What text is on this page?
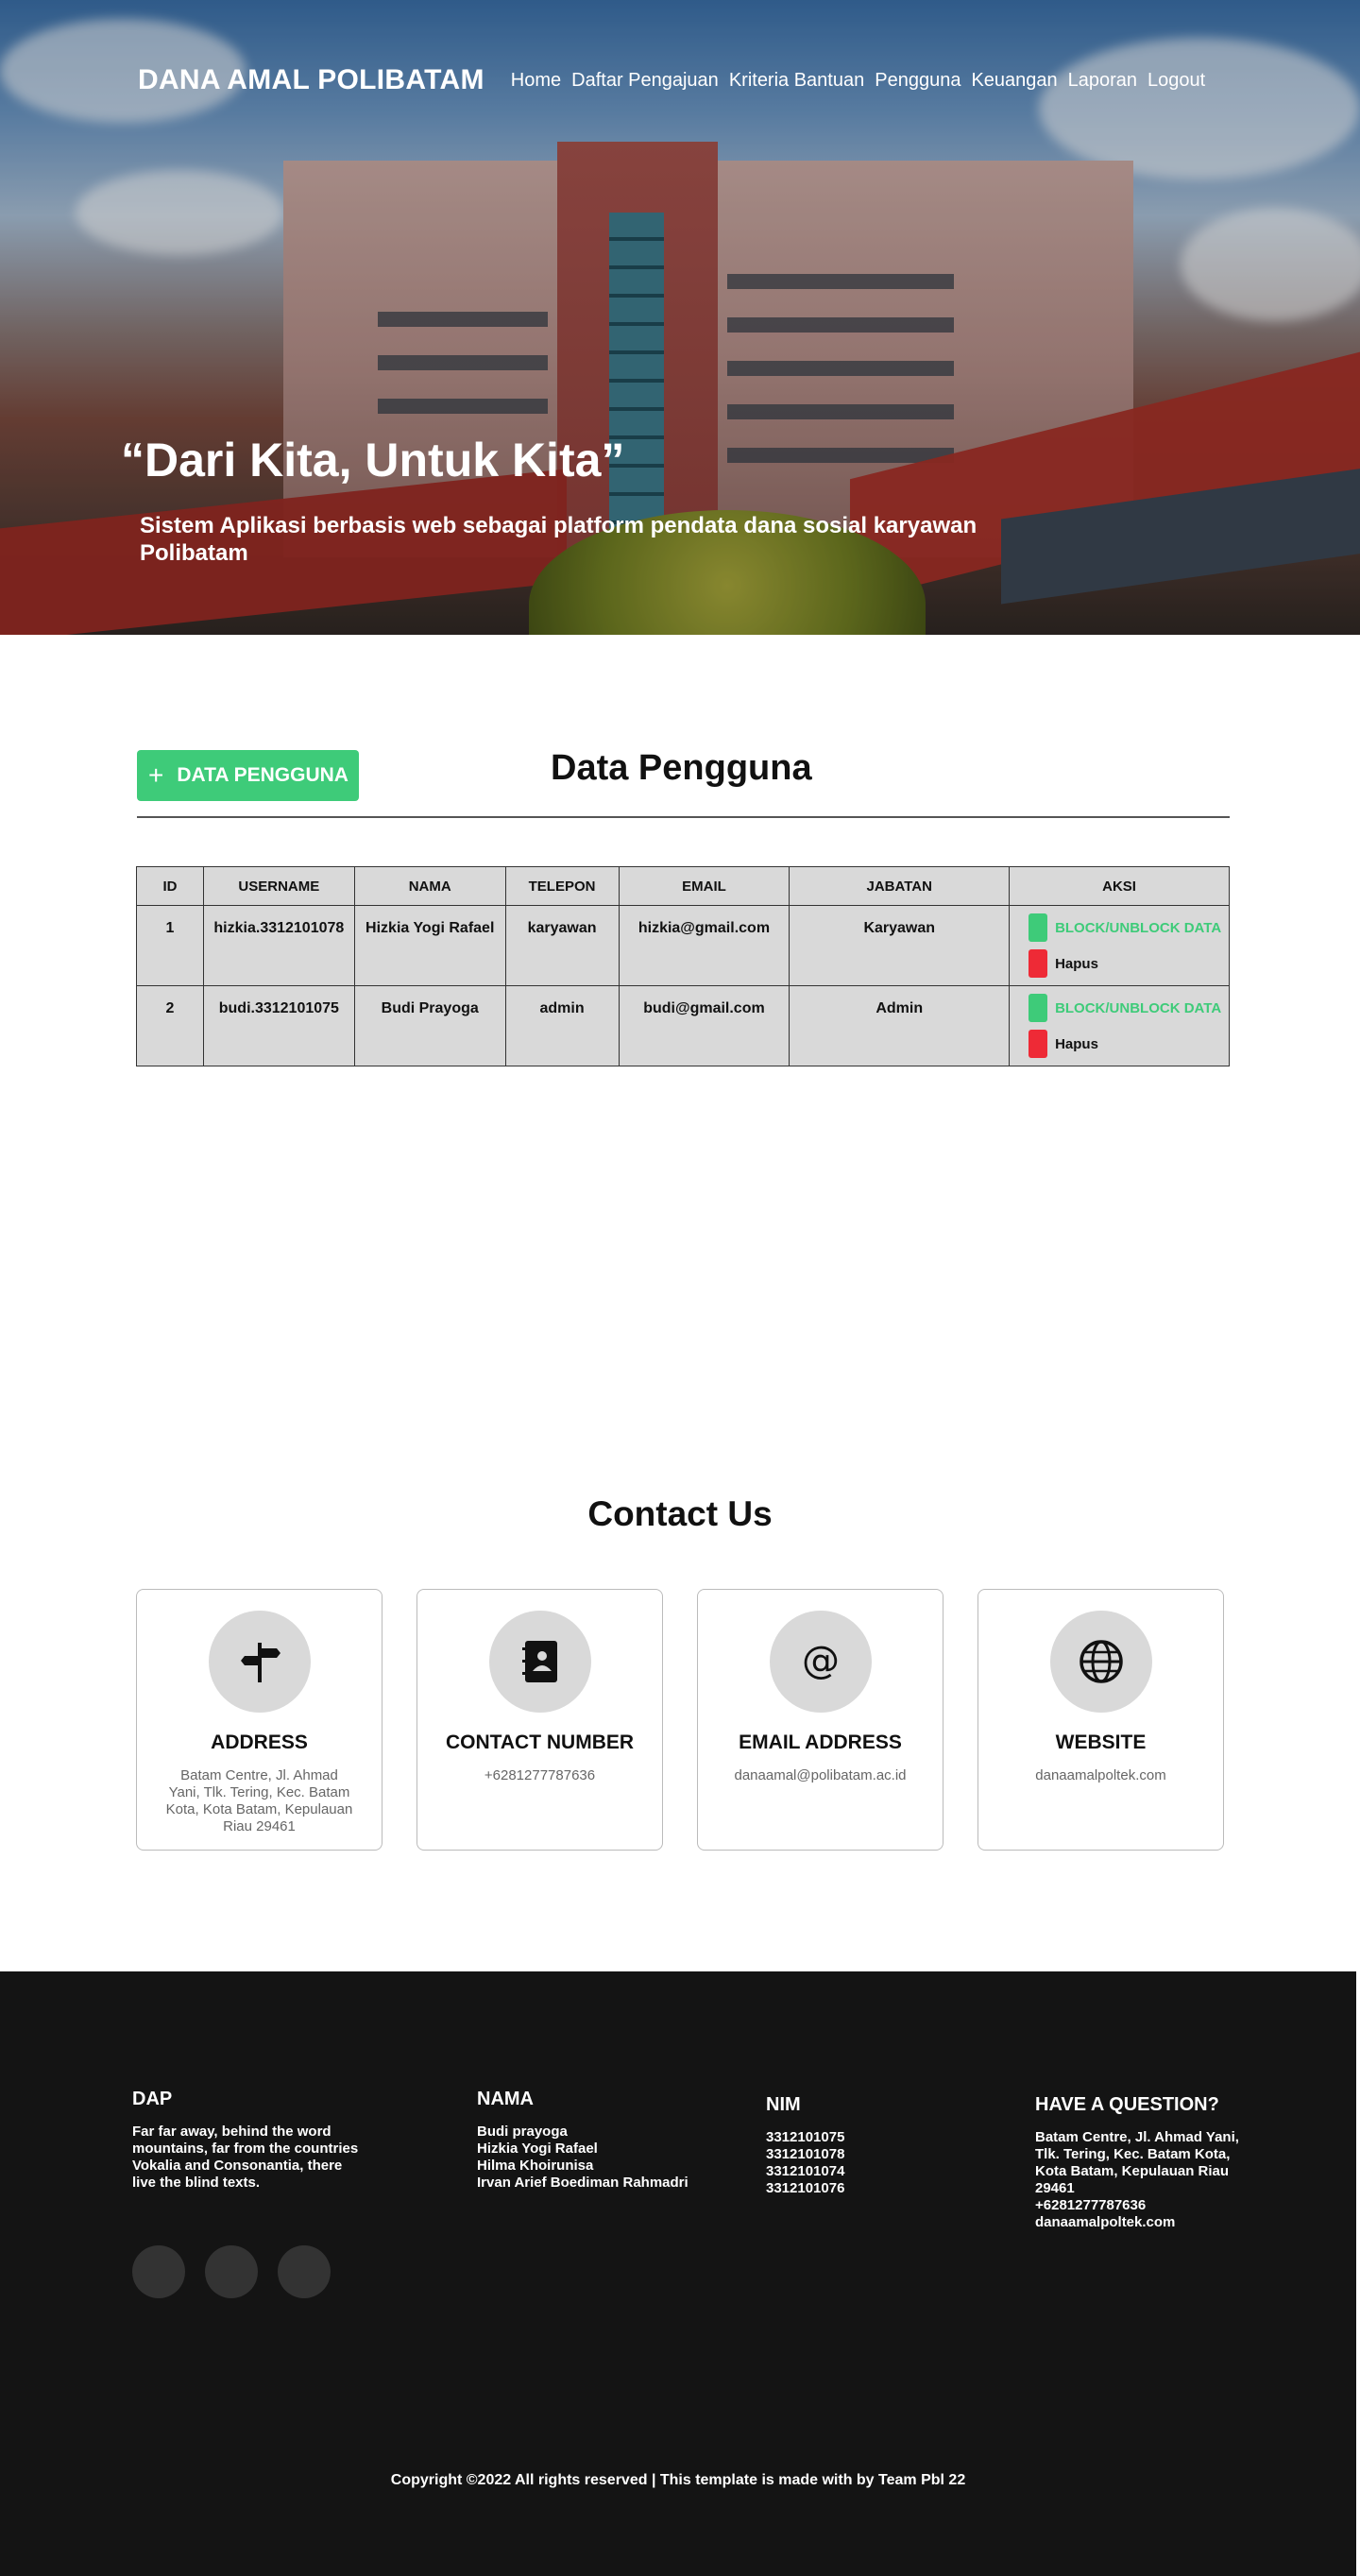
DANA AMAL POLIBATAM Home Daftar Pengajuan Kriteria Bantuan Pengguna Keuangan Laporan Logout
“Dari Kita, Untuk Kita”

Sistem Aplikasi berbasis web sebagai platform pendata dana sosial karyawan Polibatam

+ DATA PENGGUNA	Data Pengguna
ID	USERNAME	NAMA	TELEPON	EMAIL	JABATAN	AKSI
1	hizkia.3312101078	Hizkia Yogi Rafael	karyawan	hizkia@gmail.com	Karyawan	BLOCK/UNBLOCK DATA
Hapus

2	budi.3312101075	Budi Prayoga	admin	budi@gmail.com	Admin	BLOCK/UNBLOCK DATA
Hapus
Contact Us
ADDRESS
Batam Centre, Jl. Ahmad Yani, Tlk. Tering, Kec. Batam Kota, Kota Batam, Kepulauan Riau 29461
CONTACT NUMBER
+6281277787636
@
EMAIL ADDRESS
danaamal@polibatam.ac.id
WEBSITE
danaamalpoltek.com
DAP

Far far away, behind the word mountains, far from the countries Vokalia and Consonantia, there live the blind texts.

NAMA
Budi prayoga
Hizkia Yogi Rafael
Hilma Khoirunisa
Irvan Arief Boediman Rahmadri
NIM
3312101075
3312101078
3312101074
3312101076
HAVE A QUESTION?

Batam Centre, Jl. Ahmad Yani, Tlk. Tering, Kec. Batam Kota, Kota Batam, Kepulauan Riau 29461

+6281277787636

danaamalpoltek.com

Copyright ©2022 All rights reserved | This template is made with by Team Pbl 22
